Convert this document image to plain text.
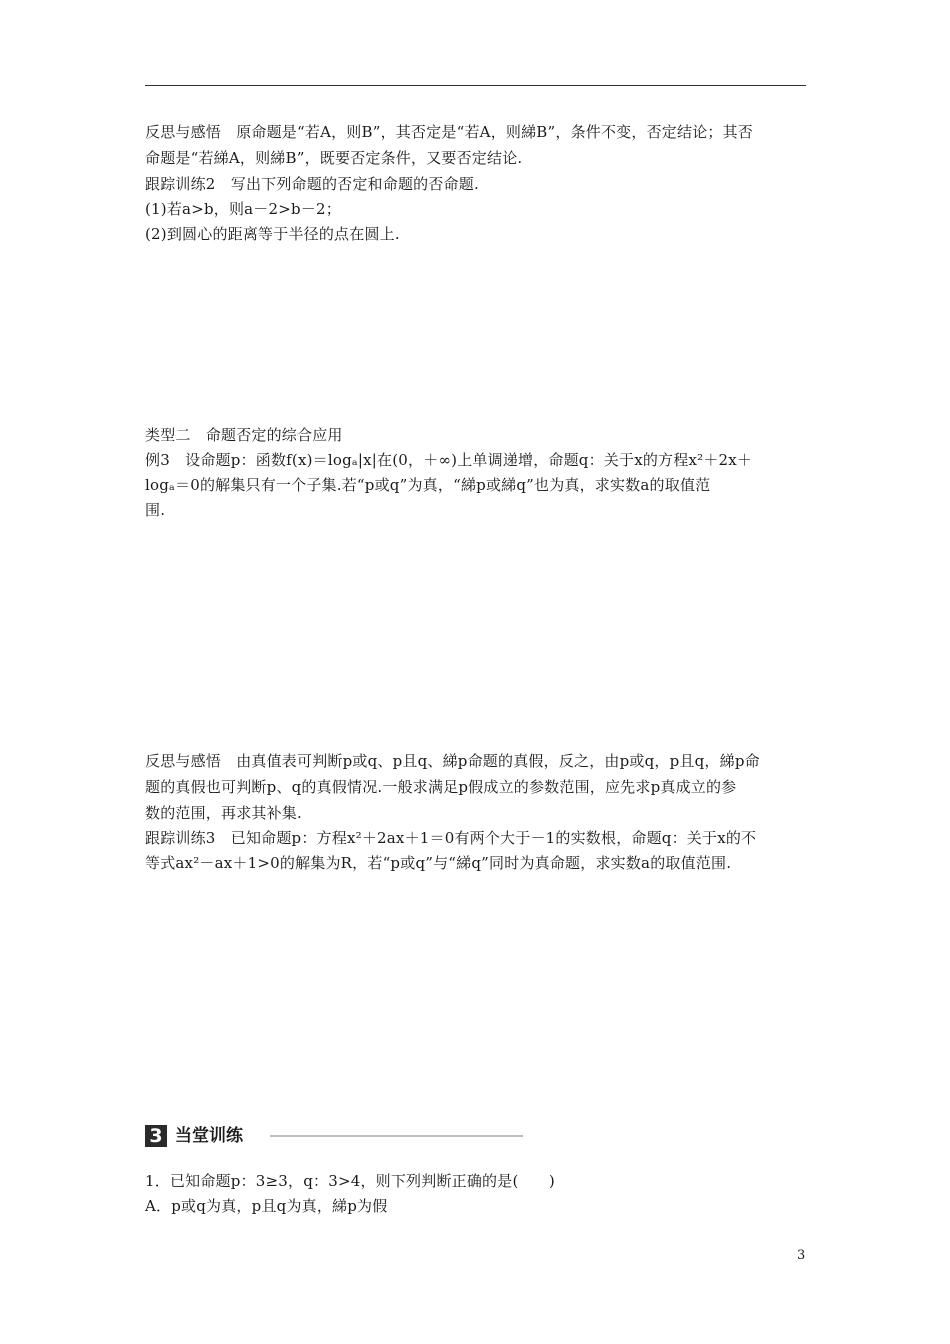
反思与感悟　原命题是“若A，则B”，其否定是“若A，则綈B”，条件不变，否定结论；其否
命题是“若綈A，则綈B”，既要否定条件，又要否定结论.
跟踪训练2　写出下列命题的否定和命题的否命题.
(1)若a>b，则a－2>b－2；
(2)到圆心的距离等于半径的点在圆上.
类型二　命题否定的综合应用
例3　设命题p：函数f(x)＝logₐ|x|在(0，＋∞)上单调递增，命题q：关于x的方程x²＋2x＋
logₐ＝0的解集只有一个子集.若“p或q”为真，“綈p或綈q”也为真，求实数a的取值范
围.
反思与感悟　由真值表可判断p或q、p且q、綈p命题的真假，反之，由p或q，p且q，綈p命
题的真假也可判断p、q的真假情况.一般求满足p假成立的参数范围，应先求p真成立的参
数的范围，再求其补集.
跟踪训练3　已知命题p：方程x²＋2ax＋1＝0有两个大于－1的实数根，命题q：关于x的不
等式ax²－ax＋1>0的解集为R，若“p或q”与“綈q”同时为真命题，求实数a的取值范围.
3 当堂训练
1．已知命题p：3≥3，q：3>4，则下列判断正确的是(　　)
A．p或q为真，p且q为真，綈p为假
3
